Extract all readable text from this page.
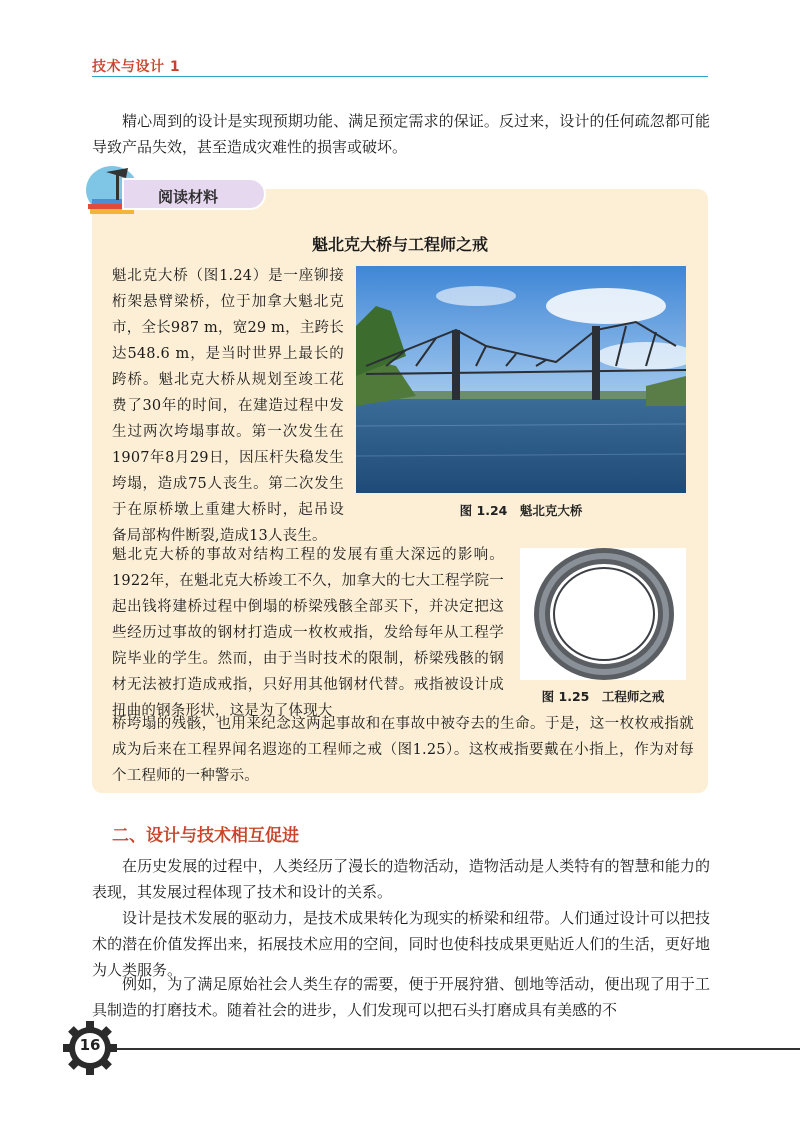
技术与设计 1

精心周到的设计是实现预期功能、满足预定需求的保证。反过来，设计的任何疏忽都可能导致产品失效，甚至造成灾难性的损害或破坏。

阅读材料
魁北克大桥与工程师之戒

魁北克大桥（图1.24）是一座铆接桁架悬臂梁桥，位于加拿大魁北克市，全长987 m，宽29 m，主跨长达548.6 m，是当时世界上最长的跨桥。魁北克大桥从规划至竣工花费了30年的时间，在建造过程中发生过两次垮塌事故。第一次发生在1907年8月29日，因压杆失稳发生垮塌，造成75人丧生。第二次发生于在原桥墩上重建大桥时，起吊设备局部构件断裂,造成13人丧生。

图 1.24　魁北克大桥

魁北克大桥的事故对结构工程的发展有重大深远的影响。1922年，在魁北克大桥竣工不久，加拿大的七大工程学院一起出钱将建桥过程中倒塌的桥梁残骸全部买下，并决定把这些经历过事故的钢材打造成一枚枚戒指，发给每年从工程学院毕业的学生。然而，由于当时技术的限制，桥梁残骸的钢材无法被打造成戒指，只好用其他钢材代替。戒指被设计成扭曲的钢条形状，这是为了体现大

图 1.25　工程师之戒

桥垮塌的残骸，也用来纪念这两起事故和在事故中被夺去的生命。于是，这一枚枚戒指就成为后来在工程界闻名遐迩的工程师之戒（图1.25）。这枚戒指要戴在小指上，作为对每个工程师的一种警示。

二、设计与技术相互促进

在历史发展的过程中，人类经历了漫长的造物活动，造物活动是人类特有的智慧和能力的表现，其发展过程体现了技术和设计的关系。

设计是技术发展的驱动力，是技术成果转化为现实的桥梁和纽带。人们通过设计可以把技术的潜在价值发挥出来，拓展技术应用的空间，同时也使科技成果更贴近人们的生活，更好地为人类服务。

例如，为了满足原始社会人类生存的需要，便于开展狩猎、刨地等活动，便出现了用于工具制造的打磨技术。随着社会的进步，人们发现可以把石头打磨成具有美感的不

16
